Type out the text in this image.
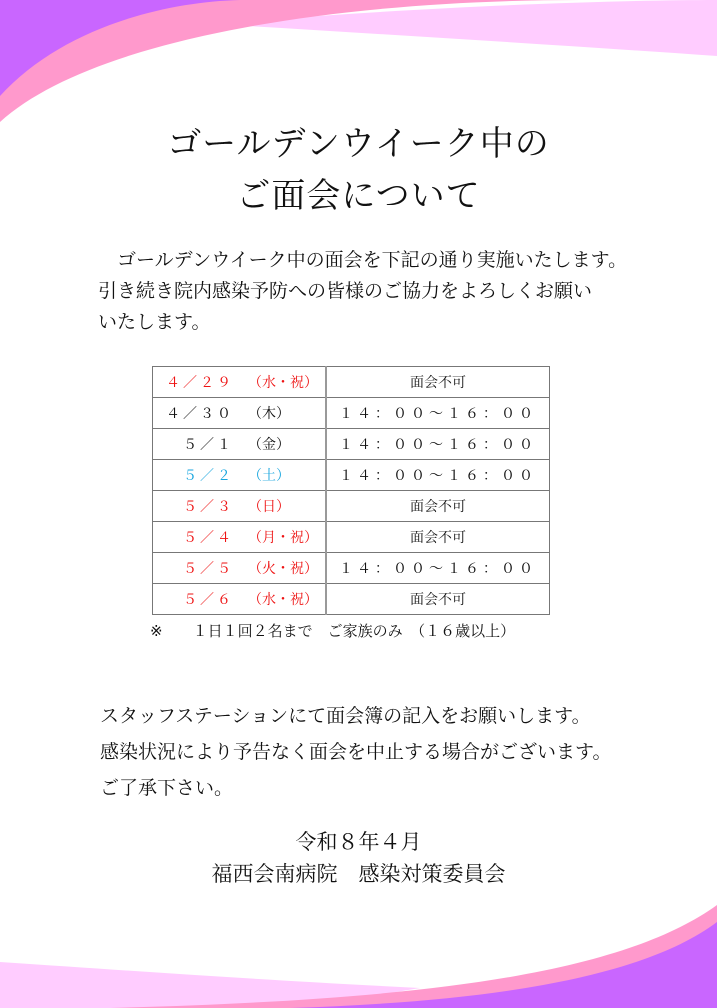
ゴールデンウイーク中の
ご面会について

　ゴールデンウイーク中の面会を下記の通り実施いたします。

引き続き院内感染予防への皆様のご協力をよろしくお願い

いたします。

４／２９ （水・祝）	面会不可
４／３０ （木）	１４：００～１６：００
５／１ （金）	１４：００～１６：００
５／２ （土）	１４：００～１６：００
５／３ （日）	面会不可
５／４ （月・祝）	面会不可
５／５ （火・祝）	１４：００～１６：００
５／６ （水・祝）	面会不可
※　　１日１回２名まで　ご家族のみ　（１６歳以上）

スタッフステーションにて面会簿の記入をお願いします。

感染状況により予告なく面会を中止する場合がございます。

ご了承下さい。

令和８年４月

福西会南病院　感染対策委員会
